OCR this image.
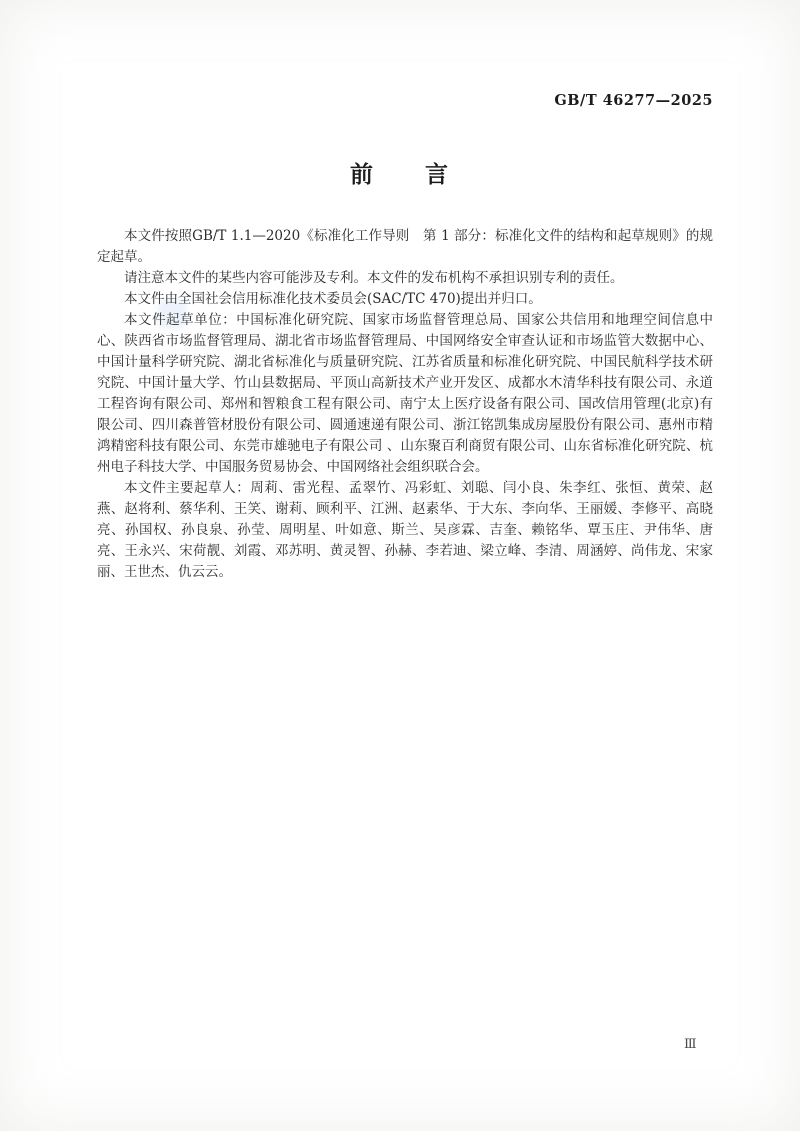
GB/T 46277—2025
前　　言

本文件按照GB/T 1.1—2020《标准化工作导则　第 1 部分：标准化文件的结构和起草规则》的规定起草。

请注意本文件的某些内容可能涉及专利。本文件的发布机构不承担识别专利的责任。

本文件由全国社会信用标准化技术委员会(SAC/TC 470)提出并归口。

本文件起草单位：中国标准化研究院、国家市场监督管理总局、国家公共信用和地理空间信息中心、陕西省市场监督管理局、湖北省市场监督管理局、中国网络安全审查认证和市场监管大数据中心、中国计量科学研究院、湖北省标准化与质量研究院、江苏省质量和标准化研究院、中国民航科学技术研究院、中国计量大学、竹山县数据局、平顶山高新技术产业开发区、成都水木清华科技有限公司、永道工程咨询有限公司、郑州和智粮食工程有限公司、南宁太上医疗设备有限公司、国改信用管理(北京)有限公司、四川森普管材股份有限公司、圆通速递有限公司、浙江铭凯集成房屋股份有限公司、惠州市精鸿精密科技有限公司、东莞市雄驰电子有限公司 、山东聚百利商贸有限公司、山东省标准化研究院、杭州电子科技大学、中国服务贸易协会、中国网络社会组织联合会。

本文件主要起草人：周莉、雷光程、孟翠竹、冯彩虹、刘聪、闫小良、朱李红、张恒、黄荣、赵燕、赵将利、蔡华利、王笑、谢莉、顾利平、江洲、赵素华、于大东、李向华、王丽媛、李修平、高晓亮、孙国权、孙良泉、孙莹、周明星、叶如意、斯兰、吴彦霖、吉奎、赖铭华、覃玉庄、尹伟华、唐亮、王永兴、宋荷靓、刘霞、邓苏明、黄灵智、孙赫、李若迪、梁立峰、李清、周涵婷、尚伟龙、宋家丽、王世杰、仇云云。

Ⅲ
